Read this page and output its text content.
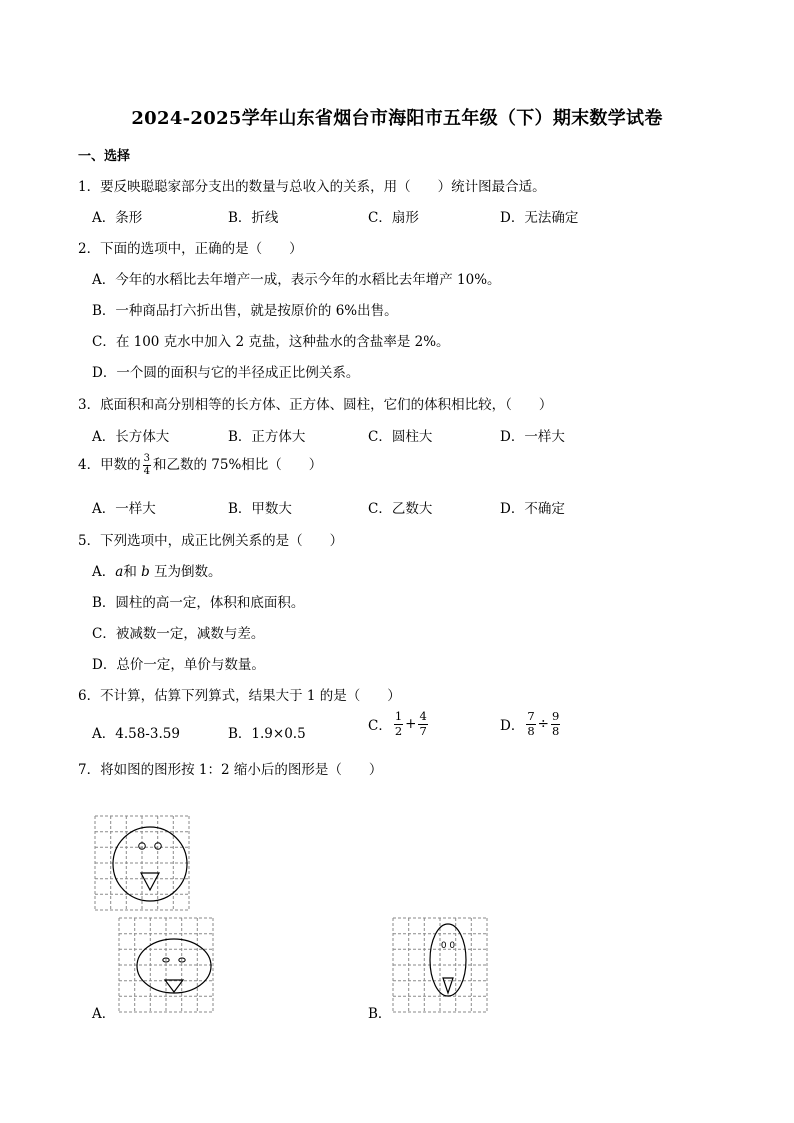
2024-2025学年山东省烟台市海阳市五年级（下）期末数学试卷
一、选择
1．要反映聪聪家部分支出的数量与总收入的关系，用（　　）统计图最合适。
A．条形	B．折线	C．扇形	D．无法确定
2．下面的选项中，正确的是（　　）
A．今年的水稻比去年增产一成，表示今年的水稻比去年增产 10%。
B．一种商品打六折出售，就是按原价的 6%出售。
C．在 100 克水中加入 2 克盐，这种盐水的含盐率是 2%。
D．一个圆的面积与它的半径成正比例关系。
3．底面积和高分别相等的长方体、正方体、圆柱，它们的体积相比较，（　　）
A．长方体大	B．正方体大	C．圆柱大	D．一样大
4．甲数的 $\frac{3}{4}$ 和乙数的 75%相比（　　）
A．一样大	B．甲数大	C．乙数大	D．不确定
5．下列选项中，成正比例关系的是（　　）
A．a和 b 互为倒数。
B．圆柱的高一定，体积和底面积。
C．被减数一定，减数与差。
D．总价一定，单价与数量。
6．不计算，估算下列算式，结果大于 1 的是（　　）
A．4.58-3.59	B．1.9×0.5	C． $\frac{1}{2} + \frac{4}{7}$	D． $\frac{7}{8} \div \frac{9}{8}$
7．将如图的图形按 1：2 缩小后的图形是（　　）
A．	B．
0 0
